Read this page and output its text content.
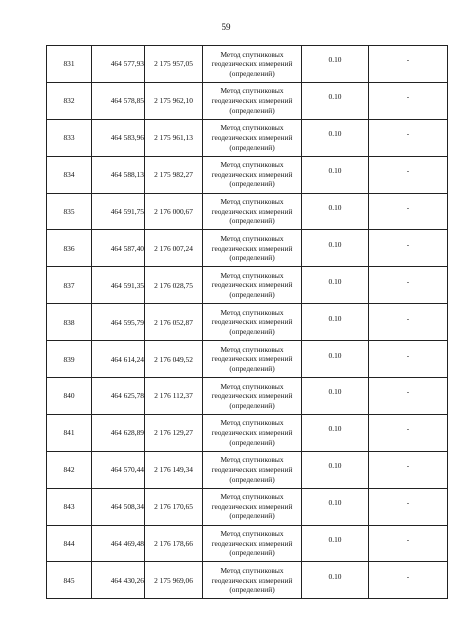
59
831	464 577,93	2 175 957,05	Метод спутниковых
геодезических измерений
(определений)	0.10	-
832	464 578,85	2 175 962,10	Метод спутниковых
геодезических измерений
(определений)	0.10	-
833	464 583,96	2 175 961,13	Метод спутниковых
геодезических измерений
(определений)	0.10	-
834	464 588,13	2 175 982,27	Метод спутниковых
геодезических измерений
(определений)	0.10	-
835	464 591,75	2 176 000,67	Метод спутниковых
геодезических измерений
(определений)	0.10	-
836	464 587,40	2 176 007,24	Метод спутниковых
геодезических измерений
(определений)	0.10	-
837	464 591,35	2 176 028,75	Метод спутниковых
геодезических измерений
(определений)	0.10	-
838	464 595,79	2 176 052,87	Метод спутниковых
геодезических измерений
(определений)	0.10	-
839	464 614,24	2 176 049,52	Метод спутниковых
геодезических измерений
(определений)	0.10	-
840	464 625,78	2 176 112,37	Метод спутниковых
геодезических измерений
(определений)	0.10	-
841	464 628,89	2 176 129,27	Метод спутниковых
геодезических измерений
(определений)	0.10	-
842	464 570,44	2 176 149,34	Метод спутниковых
геодезических измерений
(определений)	0.10	-
843	464 508,34	2 176 170,65	Метод спутниковых
геодезических измерений
(определений)	0.10	-
844	464 469,48	2 176 178,66	Метод спутниковых
геодезических измерений
(определений)	0.10	-
845	464 430,26	2 175 969,06	Метод спутниковых
геодезических измерений
(определений)	0.10	-
